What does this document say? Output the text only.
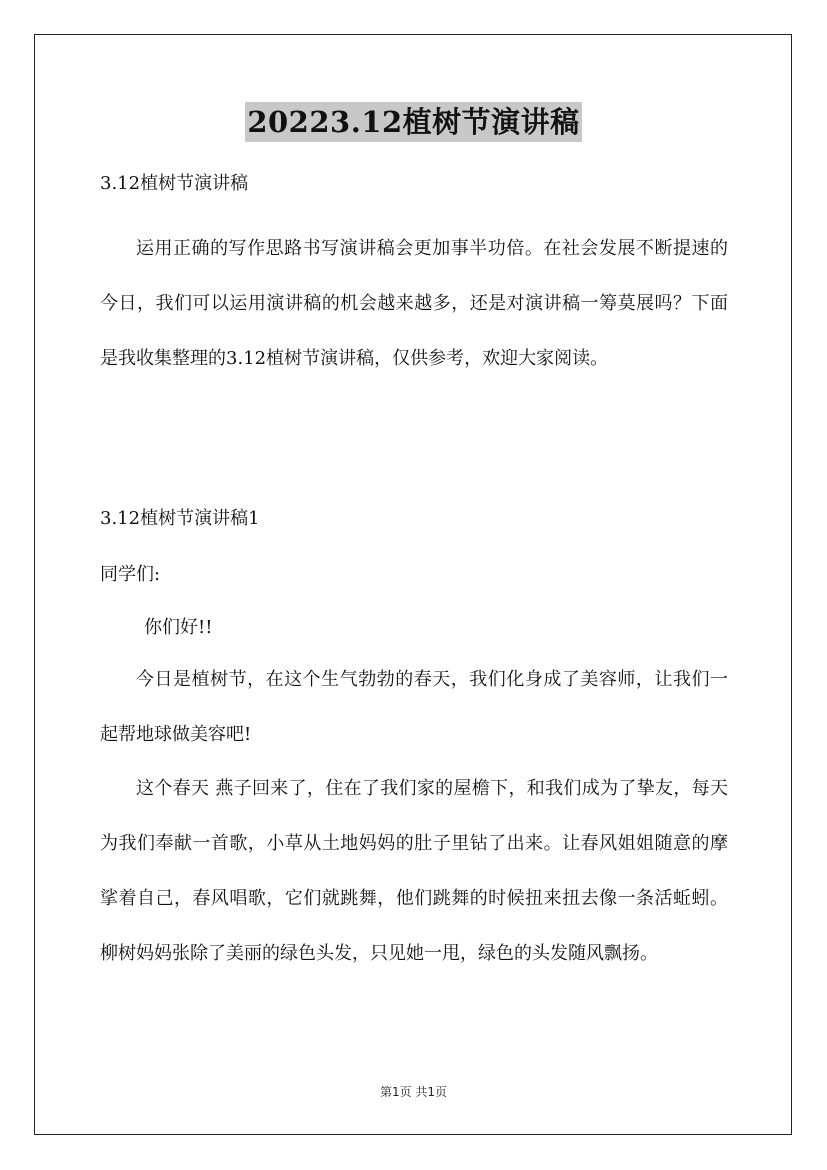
20223.12植树节演讲稿
3.12植树节演讲稿
运用正确的写作思路书写演讲稿会更加事半功倍。在社会发展不断提速的今日，我们可以运用演讲稿的机会越来越多，还是对演讲稿一筹莫展吗？下面是我收集整理的3.12植树节演讲稿，仅供参考，欢迎大家阅读。
3.12植树节演讲稿1
同学们:
你们好!!
今日是植树节，在这个生气勃勃的春天，我们化身成了美容师，让我们一起帮地球做美容吧!
这个春天 燕子回来了，住在了我们家的屋檐下，和我们成为了挚友，每天为我们奉献一首歌，小草从土地妈妈的肚子里钻了出来。让春风姐姐随意的摩挲着自己，春风唱歌，它们就跳舞，他们跳舞的时候扭来扭去像一条活蚯蚓。柳树妈妈张除了美丽的绿色头发，只见她一甩，绿色的头发随风飘扬。
第1页 共1页
